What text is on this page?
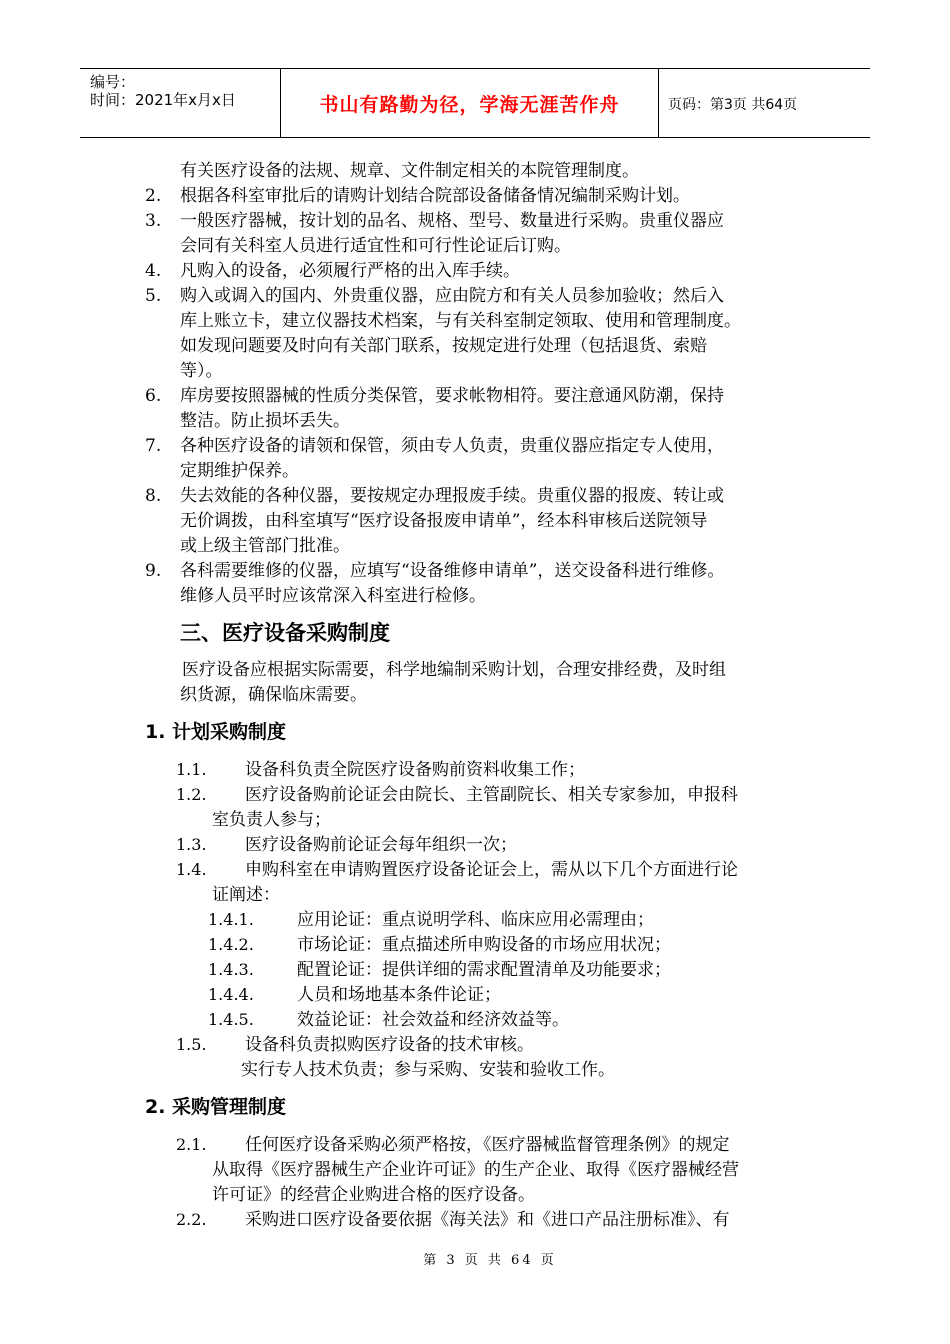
编号：
时间：2021年x月x日	书山有路勤为径，学海无涯苦作舟	页码：第3页 共64页
有关医疗设备的法规、规章、文件制定相关的本院管理制度。
2. 根据各科室审批后的请购计划结合院部设备储备情况编制采购计划。
3. 一般医疗器械，按计划的品名、规格、型号、数量进行采购。贵重仪器应
会同有关科室人员进行适宜性和可行性论证后订购。
4. 凡购入的设备，必须履行严格的出入库手续。
5. 购入或调入的国内、外贵重仪器，应由院方和有关人员参加验收；然后入
库上账立卡，建立仪器技术档案，与有关科室制定领取、使用和管理制度。
如发现问题要及时向有关部门联系，按规定进行处理（包括退货、索赔
等）。
6. 库房要按照器械的性质分类保管，要求帐物相符。要注意通风防潮，保持
整洁。防止损坏丢失。
7. 各种医疗设备的请领和保管，须由专人负责，贵重仪器应指定专人使用，
定期维护保养。
8. 失去效能的各种仪器，要按规定办理报废手续。贵重仪器的报废、转让或
无价调拨，由科室填写“医疗设备报废申请单”，经本科审核后送院领导
或上级主管部门批准。
9. 各科需要维修的仪器，应填写“设备维修申请单”，送交设备科进行维修。
维修人员平时应该常深入科室进行检修。
三、医疗设备采购制度
医疗设备应根据实际需要，科学地编制采购计划，合理安排经费，及时组
织货源，确保临床需要。
1. 计划采购制度
1.1. 设备科负责全院医疗设备购前资料收集工作；
1.2. 医疗设备购前论证会由院长、主管副院长、相关专家参加，申报科
室负责人参与；
1.3. 医疗设备购前论证会每年组织一次；
1.4. 申购科室在申请购置医疗设备论证会上，需从以下几个方面进行论
证阐述：
1.4.1.	应用论证：重点说明学科、临床应用必需理由；
1.4.2.	市场论证：重点描述所申购设备的市场应用状况；
1.4.3.	配置论证：提供详细的需求配置清单及功能要求；
1.4.4.	人员和场地基本条件论证；
1.4.5.	效益论证：社会效益和经济效益等。
1.5. 设备科负责拟购医疗设备的技术审核。
实行专人技术负责；参与采购、安装和验收工作。
2. 采购管理制度
2.1. 任何医疗设备采购必须严格按，《医疗器械监督管理条例》的规定
从取得《医疗器械生产企业许可证》的生产企业、取得《医疗器械经营
许可证》的经营企业购进合格的医疗设备。
2.2. 采购进口医疗设备要依据《海关法》和《进口产品注册标准》、有
第 3 页 共 64 页
